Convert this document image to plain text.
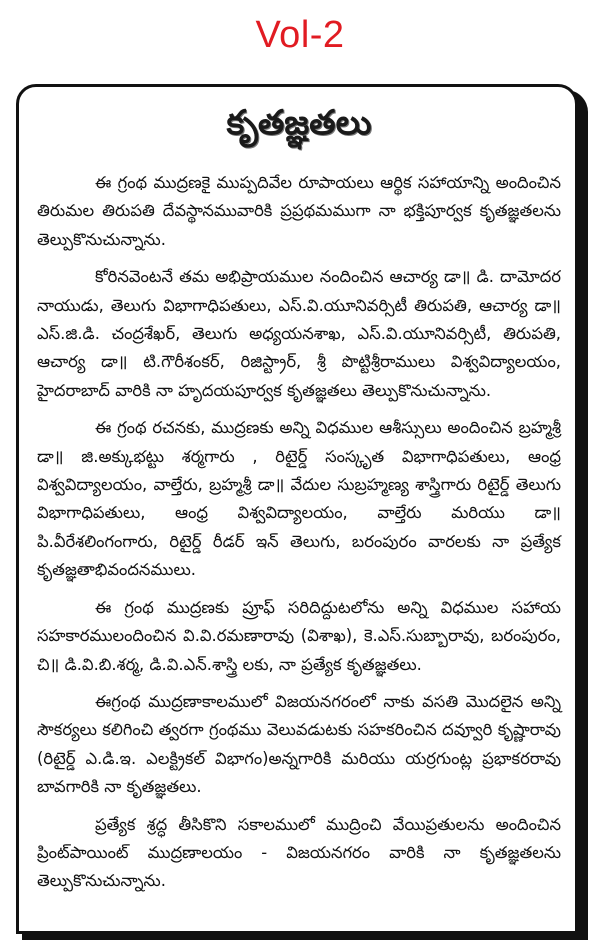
Vol-2
కృతజ్ఞతలు

ఈ గ్రంథ ముద్రణకై ముప్పదివేల రూపాయలు ఆర్థిక సహాయాన్ని అందించిన తిరుమల తిరుపతి దేవస్థానమువారికి ప్రప్రథమముగా నా భక్తిపూర్వక కృతజ్ఞతలను తెల్పుకొనుచున్నాను.

కోరినవెంటనే తమ అభిప్రాయముల నందించిన ఆచార్య డా॥ డి. దామోదర నాయుడు, తెలుగు విభాగాధిపతులు, ఎస్.వి.యూనివర్సిటీ తిరుపతి, ఆచార్య డా॥ ఎస్.జి.డి. చంద్రశేఖర్, తెలుగు అధ్యయనశాఖ, ఎస్.వి.యూనివర్సిటీ, తిరుపతి, ఆచార్య డా॥ టి.గౌరీశంకర్, రిజిస్ట్రార్, శ్రీ పొట్టిశ్రీరాములు విశ్వవిద్యాలయం, హైదరాబాద్ వారికి నా హృదయపూర్వక కృతజ్ఞతలు తెల్పుకొనుచున్నాను.

ఈ గ్రంథ రచనకు, ముద్రణకు అన్ని విధముల ఆశీస్సులు అందించిన బ్రహ్మశ్రీ డా॥ జి.అక్కుభట్టు శర్మగారు , రిటైర్డ్ సంస్కృత విభాగాధిపతులు, ఆంధ్ర విశ్వవిద్యాలయం, వాల్తేరు, బ్రహ్మశ్రీ డా॥ వేదుల సుబ్రహ్మణ్య శాస్త్రిగారు రిటైర్డ్ తెలుగు విభాగాధిపతులు, ఆంధ్ర విశ్వవిద్యాలయం, వాల్తేరు మరియు డా॥ పి.వీరేశలింగంగారు, రిటైర్డ్ రీడర్ ఇన్ తెలుగు, బరంపురం వారలకు నా ప్రత్యేక కృతజ్ఞతాభివందనములు.

ఈ గ్రంథ ముద్రణకు ప్రూఫ్ సరిదిద్దుటలోను అన్ని విధముల సహాయ సహకారములందించిన వి.వి.రమణారావు (విశాఖ), కె.ఎస్.సుబ్బారావు, బరంపురం, చి॥ డి.వి.బి.శర్మ, డి.వి.ఎన్.శాస్త్రి లకు, నా ప్రత్యేక కృతజ్ఞతలు.

ఈగ్రంథ ముద్రణాకాలములో విజయనగరంలో నాకు వసతి మొదలైన అన్ని సౌకర్యలు కలిగించి త్వరగా గ్రంథము వెలువడుటకు సహకరించిన దవ్వూరి కృష్ణారావు (రిటైర్డ్ ఎ.డి.ఇ. ఎలక్ట్రికల్ విభాగం)అన్నగారికి మరియు యర్రగుంట్ల ప్రభాకరరావు బావగారికి నా కృతజ్ఞతలు.

ప్రత్యేక శ్రద్ధ తీసికొని సకాలములో ముద్రించి వేయిప్రతులను అందించిన ప్రింట్‌పాయింట్ ముద్రణాలయం - విజయనగరం వారికి నా కృతజ్ఞతలను తెల్పుకొనుచున్నాను.
